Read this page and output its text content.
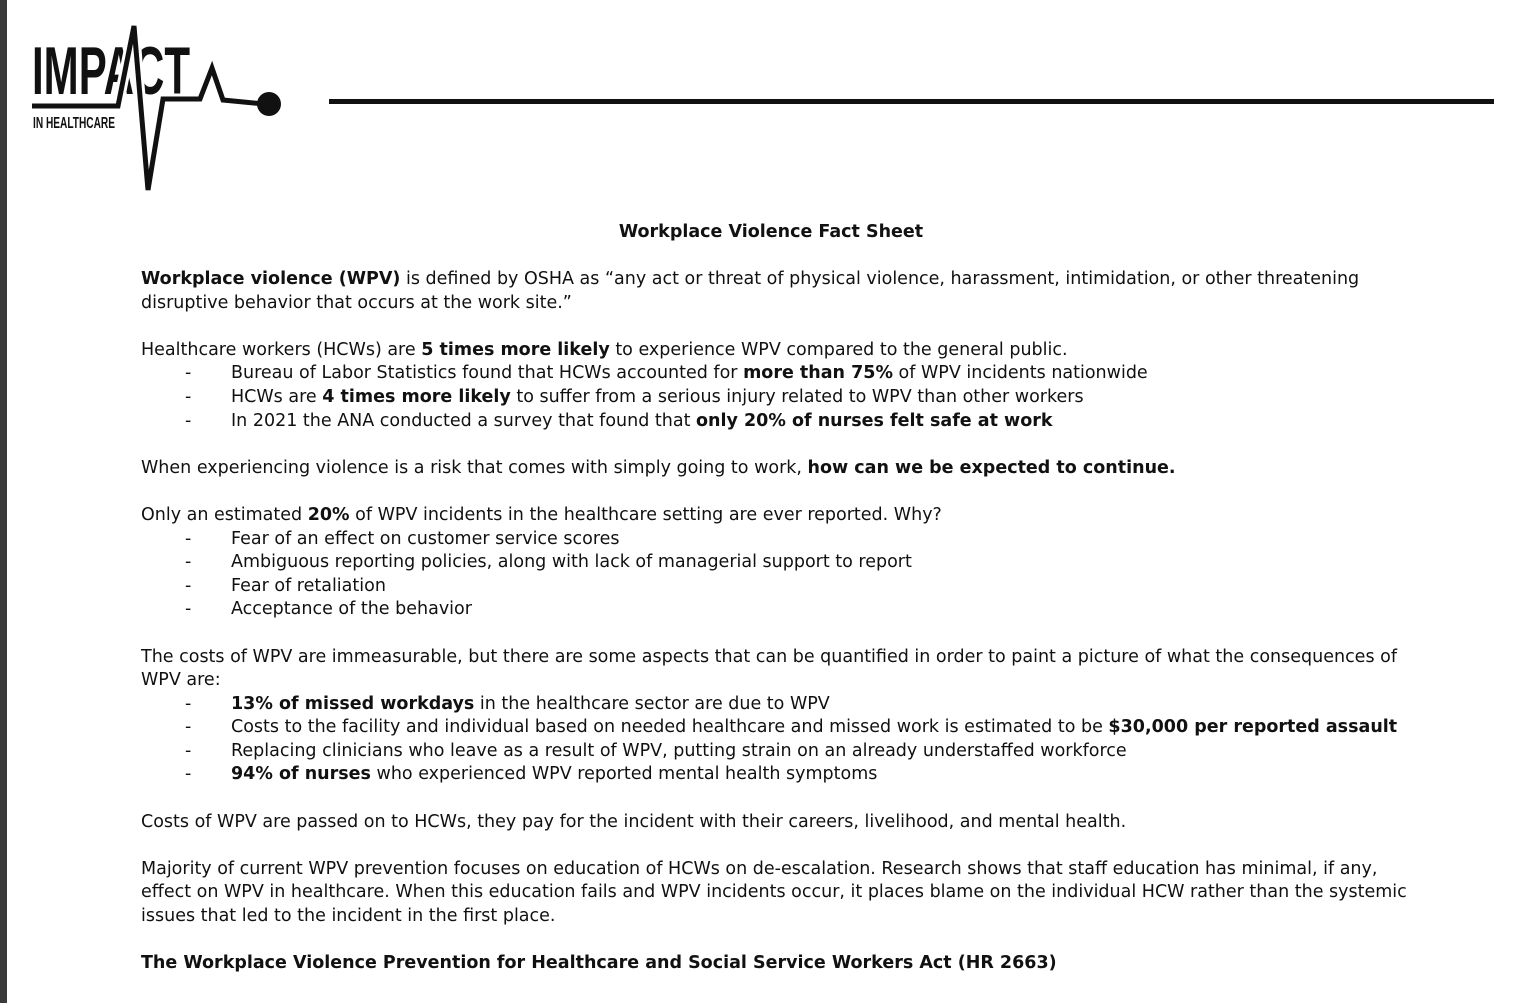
IMPACT
IN HEALTHCARE
Workplace Violence Fact Sheet

Workplace violence (WPV) is defined by OSHA as “any act or threat of physical violence, harassment, intimidation, or other threatening disruptive behavior that occurs at the work site.”

Healthcare workers (HCWs) are 5 times more likely to experience WPV compared to the general public.

- Bureau of Labor Statistics found that HCWs accounted for more than 75% of WPV incidents nationwide
- HCWs are 4 times more likely to suffer from a serious injury related to WPV than other workers
- In 2021 the ANA conducted a survey that found that only 20% of nurses felt safe at work

When experiencing violence is a risk that comes with simply going to work, how can we be expected to continue.

Only an estimated 20% of WPV incidents in the healthcare setting are ever reported. Why?

- Fear of an effect on customer service scores
- Ambiguous reporting policies, along with lack of managerial support to report
- Fear of retaliation
- Acceptance of the behavior

The costs of WPV are immeasurable, but there are some aspects that can be quantified in order to paint a picture of what the consequences of WPV are:

- 13% of missed workdays in the healthcare sector are due to WPV
- Costs to the facility and individual based on needed healthcare and missed work is estimated to be $30,000 per reported assault
- Replacing clinicians who leave as a result of WPV, putting strain on an already understaffed workforce
- 94% of nurses who experienced WPV reported mental health symptoms

Costs of WPV are passed on to HCWs, they pay for the incident with their careers, livelihood, and mental health.

Majority of current WPV prevention focuses on education of HCWs on de-escalation. Research shows that staff education has minimal, if any, effect on WPV in healthcare. When this education fails and WPV incidents occur, it places blame on the individual HCW rather than the systemic issues that led to the incident in the first place.

The Workplace Violence Prevention for Healthcare and Social Service Workers Act (HR 2663)
